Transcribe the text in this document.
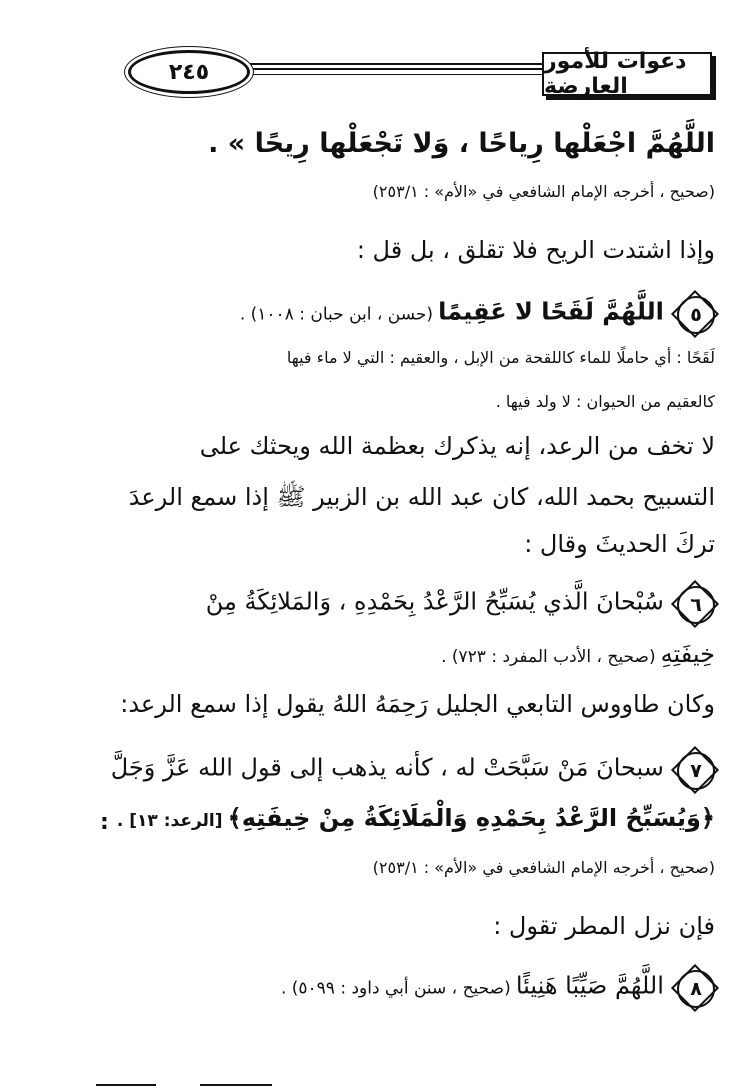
٢٤٥	دعوات للأمور العارضة
اللَّهُمَّ اجْعَلْها رِياحًا ، وَلا تَجْعَلْها رِيحًا » .
(صحيح ، أخرجه الإمام الشافعي في «الأم» : ٢٥٣/١)
وإذا اشتدت الريح فلا تقلق ، بل قل :
٥
اللَّهُمَّ لَقَحًا لا عَقِيمًا (حسن ، ابن حبان : ١٠٠٨) .
لَقَحًا : أي حاملًا للماء كاللقحة من الإبل ، والعقيم : التي لا ماء فيها
كالعقيم من الحيوان : لا ولد فيها .
لا تخف من الرعد، إنه يذكرك بعظمة الله ويحثك على
التسبيح بحمد الله، كان عبد الله بن الزبير ﷺ إذا سمع الرعدَ
تركَ الحديثَ وقال :
٦
سُبْحانَ الَّذي يُسَبِّحُ الرَّعْدُ بِحَمْدِهِ ، وَالمَلائِكَةُ مِنْ
خِيفَتِهِ (صحيح ، الأدب المفرد : ٧٢٣) .
وكان طاووس التابعي الجليل رَحِمَهُ اللهُ يقول إذا سمع الرعد:
٧
سبحانَ مَنْ سَبَّحَتْ له ، كأنه يذهب إلى قول الله عَزَّ وَجَلَّ
﴿وَيُسَبِّحُ الرَّعْدُ بِحَمْدِهِ وَالْمَلَائِكَةُ مِنْ خِيفَتِهِ﴾ [الرعد: ١٣] .
:
(صحيح ، أخرجه الإمام الشافعي في «الأم» : ٢٥٣/١)
فإن نزل المطر تقول :
٨
اللَّهُمَّ صَيِّبًا هَنِيئًا (صحيح ، سنن أبي داود : ٥٠٩٩) .
